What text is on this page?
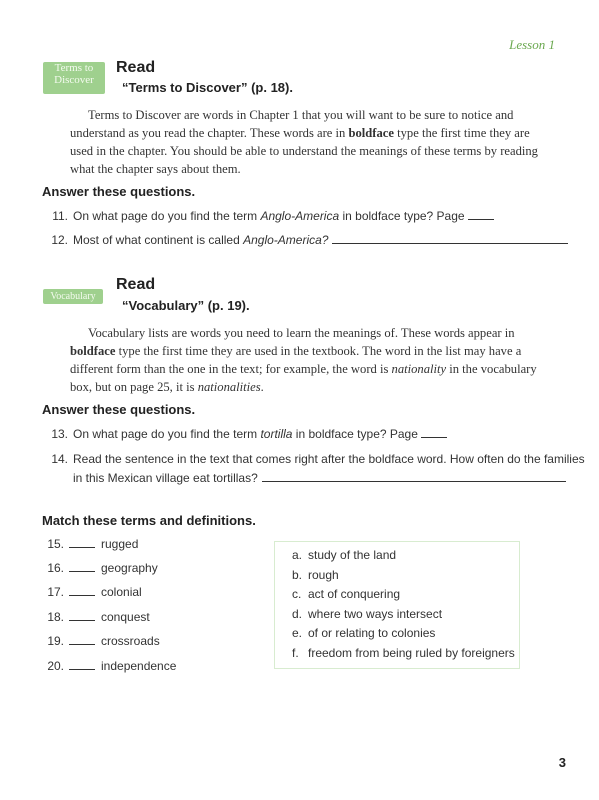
Lesson 1
Terms to
Discover
Read
“Terms to Discover” (p. 18).

Terms to Discover are words in Chapter 1 that you will want to be sure to notice and understand as you read the chapter. These words are in boldface type the first time they are used in the chapter. You should be able to understand the meanings of these terms by reading what the chapter says about them.

Answer these questions.
11. On what page do you find the term Anglo-America in boldface type? Page
12. Most of what continent is called Anglo-America?
Vocabulary
Read
“Vocabulary” (p. 19).

Vocabulary lists are words you need to learn the meanings of. These words appear in boldface type the first time they are used in the textbook. The word in the list may have a different form than the one in the text; for example, the word is nationality in the vocabulary box, but on page 25, it is nationalities.

Answer these questions.
13. On what page do you find the term tortilla in boldface type? Page
14. Read the sentence in the text that comes right after the boldface word. How often do the families
in this Mexican village eat tortillas?
Match these terms and definitions.
15.	rugged
16.	geography
17.	colonial
18.	conquest
19.	crossroads
20.	independence
a. study of the land
b. rough
c. act of conquering
d. where two ways intersect
e. of or relating to colonies
f. freedom from being ruled by foreigners
3
